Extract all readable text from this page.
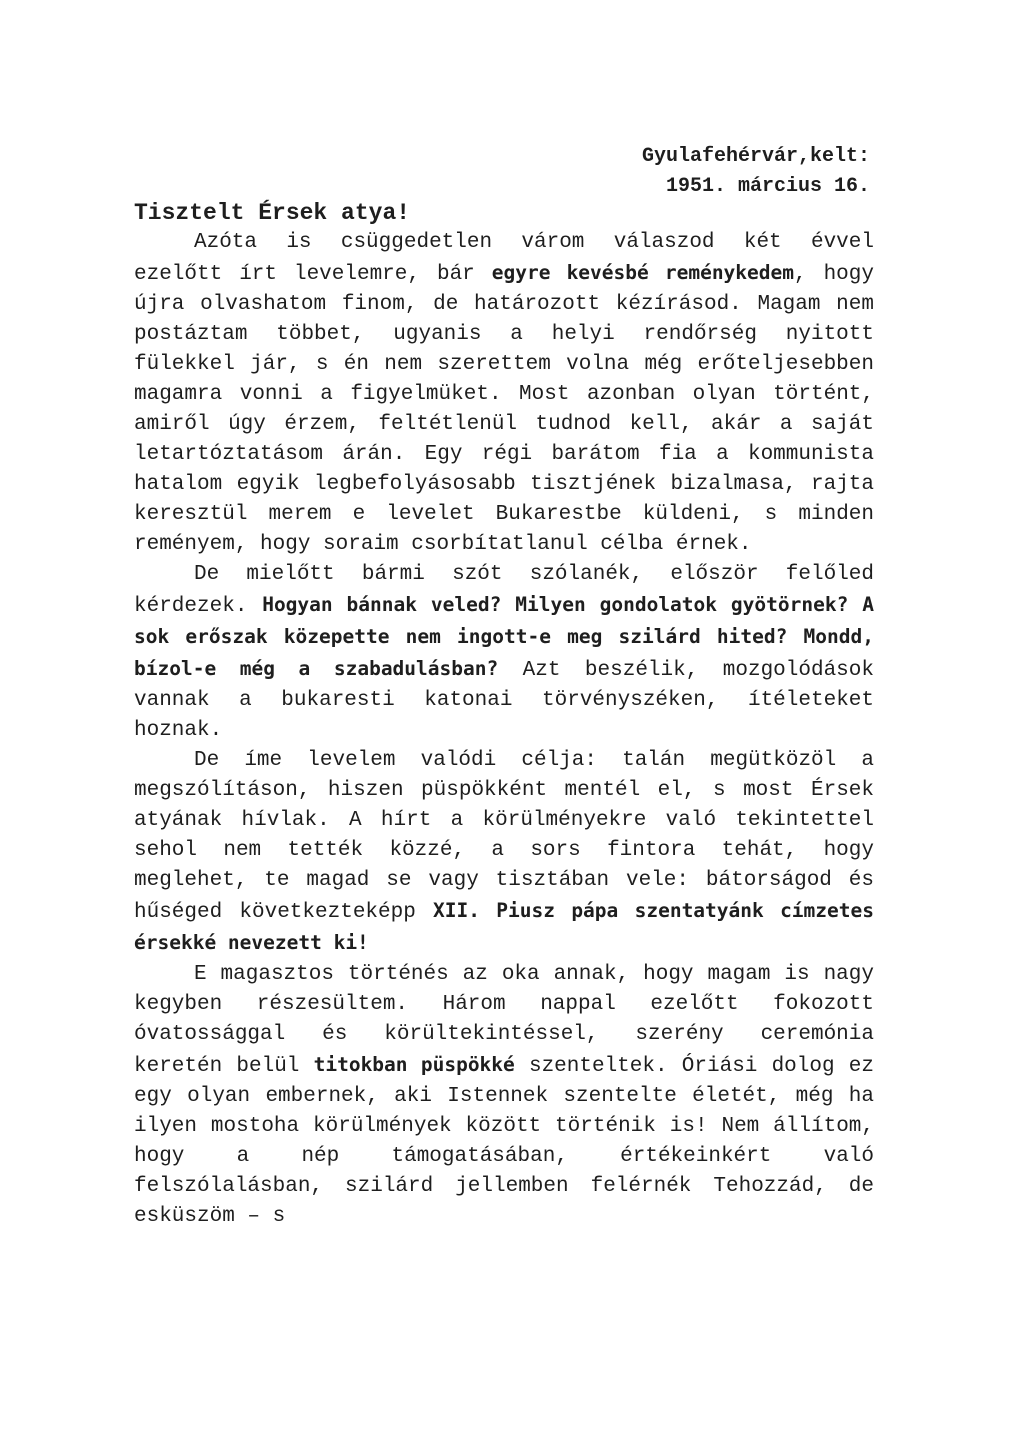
Gyulafehérvár,kelt:
1951. március 16.
Tisztelt Érsek atya!

Azóta is csüggedetlen várom válaszod két évvel ezelőtt írt levelemre, bár egyre kevésbé reménykedem, hogy újra olvashatom finom, de határozott kézírásod. Magam nem postáztam többet, ugyanis a helyi rendőrség nyitott fülekkel jár, s én nem szerettem volna még erőteljesebben magamra vonni a figyelmüket. Most azonban olyan történt, amiről úgy érzem, feltétlenül tudnod kell, akár a saját letartóztatásom árán. Egy régi barátom fia a kommunista hatalom egyik legbefolyásosabb tisztjének bizalmasa, rajta keresztül merem e levelet Bukarestbe küldeni, s minden reményem, hogy soraim csorbítatlanul célba érnek.

De mielőtt bármi szót szólanék, először felőled kérdezek. Hogyan bánnak veled? Milyen gondolatok gyötörnek? A sok erőszak közepette nem ingott-e meg szilárd hited? Mondd, bízol-e még a szabadulásban? Azt beszélik, mozgolódások vannak a bukaresti katonai törvényszéken, ítéleteket hoznak.

De íme levelem valódi célja: talán megütközöl a megszólításon, hiszen püspökként mentél el, s most Érsek atyának hívlak. A hírt a körülményekre való tekintettel sehol nem tették közzé, a sors fintora tehát, hogy meglehet, te magad se vagy tisztában vele: bátorságod és hűséged következteképp XII. Piusz pápa szentatyánk címzetes érsekké nevezett ki!

E magasztos történés az oka annak, hogy magam is nagy kegyben részesültem. Három nappal ezelőtt fokozott óvatossággal és körültekintéssel, szerény ceremónia keretén belül titokban püspökké szenteltek. Óriási dolog ez egy olyan embernek, aki Istennek szentelte életét, még ha ilyen mostoha körülmények között történik is! Nem állítom, hogy a nép támogatásában, értékeinkért való felszólalásban, szilárd jellemben felérnék Tehozzád, de esküszöm – s
